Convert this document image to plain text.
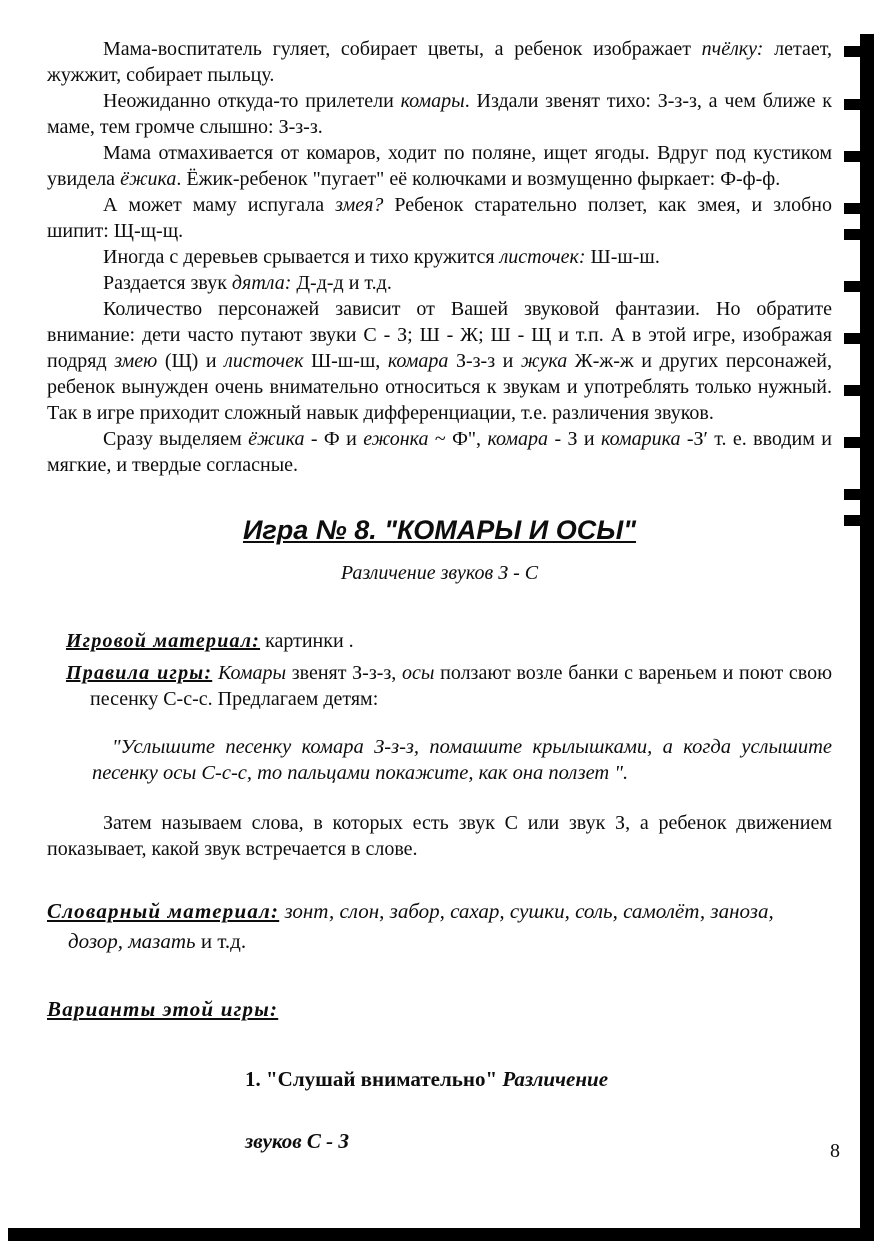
Мама-воспитатель гуляет, собирает цветы, а ребенок изображает пчёлку: летает, жужжит, собирает пыльцу.

Неожиданно откуда-то прилетели комары. Издали звенят тихо: З-з-з, а чем ближе к маме, тем громче слышно: З-з-з.

Мама отмахивается от комаров, ходит по поляне, ищет ягоды. Вдруг под кустиком увидела ёжика. Ёжик-ребенок "пугает" её колючками и возмущенно фыркает: Ф-ф-ф.

А может маму испугала змея? Ребенок старательно ползет, как змея, и злобно шипит: Щ-щ-щ.

Иногда с деревьев срывается и тихо кружится листочек: Ш-ш-ш.

Раздается звук дятла: Д-д-д и т.д.

Количество персонажей зависит от Вашей звуковой фантазии. Но обратите внимание: дети часто путают звуки С - З; Ш - Ж; Ш - Щ и т.п. А в этой игре, изображая подряд змею (Щ) и листочек Ш-ш-ш, комара З-з-з и жука Ж-ж-ж и других персонажей, ребенок вынужден очень внимательно относиться к звукам и употреблять только нужный. Так в игре приходит сложный навык дифференциации, т.е. различения звуков.

Сразу выделяем ёжика - Ф и ежонка ~ Ф", комара - З и комарика -З′ т. е. вводим и мягкие, и твердые согласные.

Игра № 8. "КОМАРЫ И ОСЫ"

Различение звуков З - С

Игровой материал: картинки .

Правила игры: Комары звенят З-з-з, осы ползают возле банки с вареньем и поют свою песенку С-с-с. Предлагаем детям:

"Услышите песенку комара З-з-з, помашите крылышками, а когда услышите песенку осы С-с-с, то пальцами покажите, как она ползет ".

Затем называем слова, в которых есть звук С или звук З, а ребенок движением показывает, какой звук встречается в слове.

Словарный материал: зонт, слон, забор, сахар, сушки, соль, самолёт, заноза, дозор, мазать и т.д.

Варианты этой игры:

1. "Слушай внимательно" Различение

звуков С - З	8
